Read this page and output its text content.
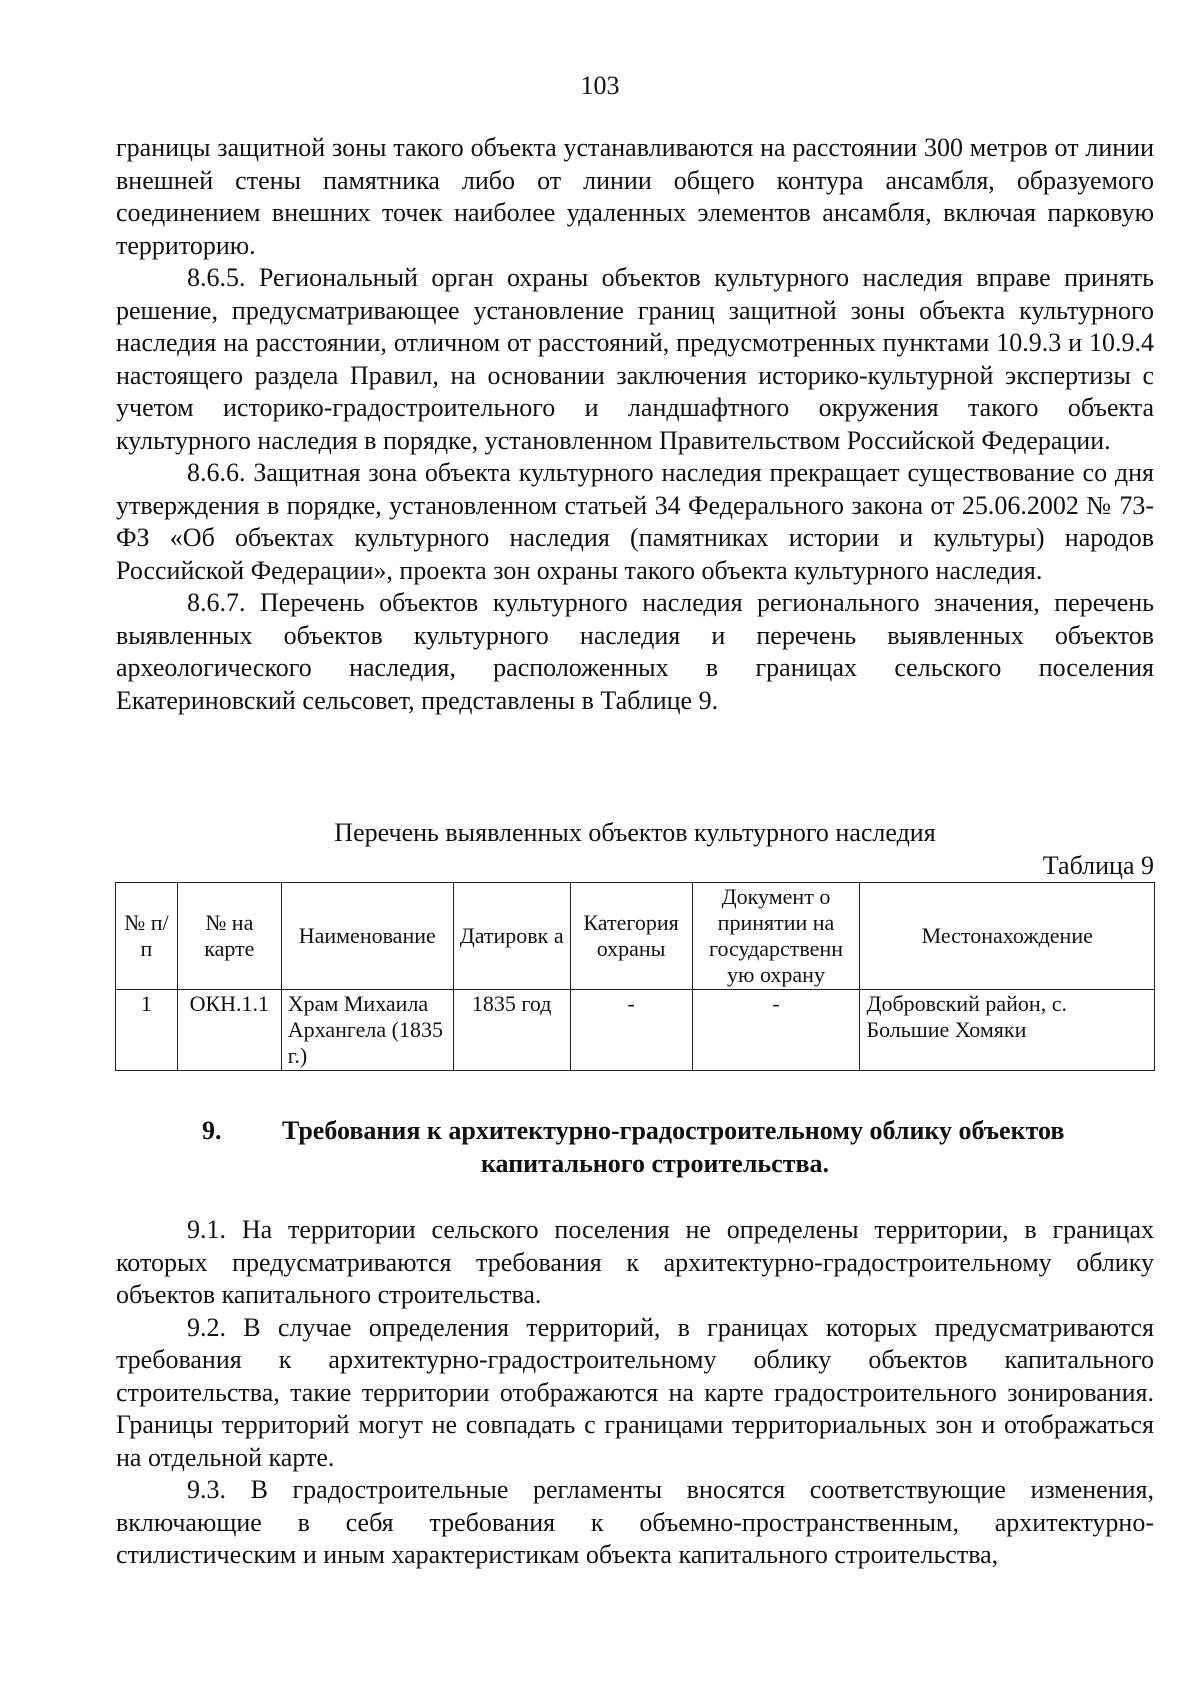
103

границы защитной зоны такого объекта устанавливаются на расстоянии 300 метров от линии внешней стены памятника либо от линии общего контура ансамбля, образуемого соединением внешних точек наиболее удаленных элементов ансамбля, включая парковую территорию.

8.6.5. Региональный орган охраны объектов культурного наследия вправе принять решение, предусматривающее установление границ защитной зоны объекта культурного наследия на расстоянии, отличном от расстояний, предусмотренных пунктами 10.9.3 и 10.9.4 настоящего раздела Правил, на основании заключения историко-культурной экспертизы с учетом историко-градостроительного и ландшафтного окружения такого объекта культурного наследия в порядке, установленном Правительством Российской Федерации.

8.6.6. Защитная зона объекта культурного наследия прекращает существование со дня утверждения в порядке, установленном статьей 34 Федерального закона от 25.06.2002 № 73-ФЗ «Об объектах культурного наследия (памятниках истории и культуры) народов Российской Федерации», проекта зон охраны такого объекта культурного наследия.

8.6.7. Перечень объектов культурного наследия регионального значения, перечень выявленных объектов культурного наследия и перечень выявленных объектов археологического наследия, расположенных в границах сельского поселения Екатериновский сельсовет, представлены в Таблице 9.

Перечень выявленных объектов культурного наследия
Таблица 9
№ п/п	№ на карте	Наименование	Датировк а	Категория охраны	Документ о принятии на государственн ую охрану	Местонахождение
1	ОКН.1.1	Храм Михаила Архангела (1835 г.)	1835 год	-	-	Добровский район, с. Большие Хомяки
9.	Требования к архитектурно-градостроительному облику объектов
капитального строительства.

9.1. На территории сельского поселения не определены территории, в границах которых предусматриваются требования к архитектурно-градостроительному облику объектов капитального строительства.

9.2. В случае определения территорий, в границах которых предусматриваются требования к архитектурно-градостроительному облику объектов капитального строительства, такие территории отображаются на карте градостроительного зонирования. Границы территорий могут не совпадать с границами территориальных зон и отображаться на отдельной карте.

9.3. В градостроительные регламенты вносятся соответствующие изменения, включающие в себя требования к объемно-пространственным, архитектурно-стилистическим и иным характеристикам объекта капитального строительства,
